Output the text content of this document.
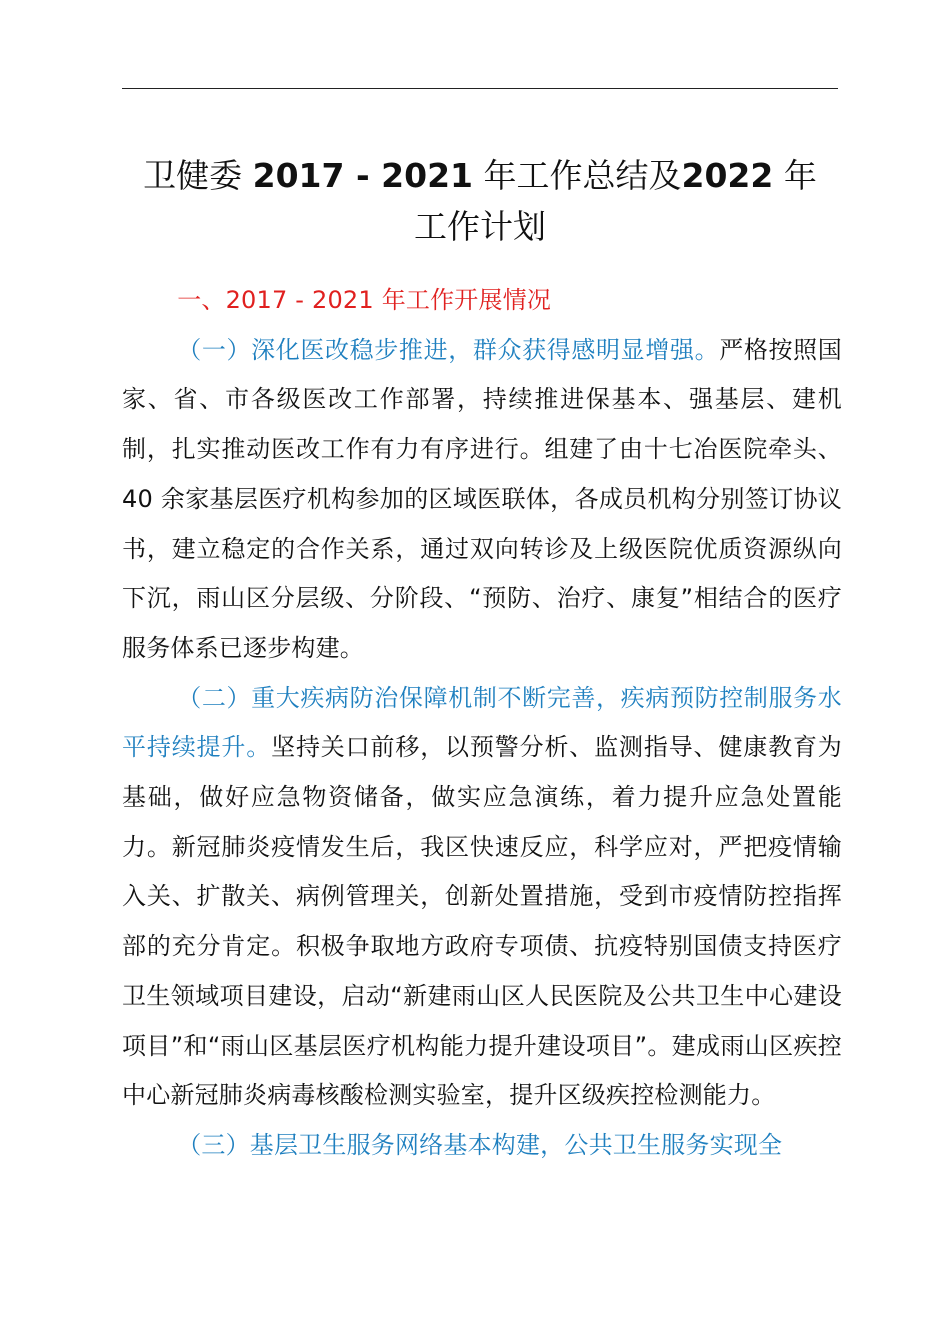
卫健委 2017 - 2021 年工作总结及2022 年
工作计划

一、2017 - 2021 年工作开展情况

（一）深化医改稳步推进，群众获得感明显增强。严格按照国家、省、市各级医改工作部署，持续推进保基本、强基层、建机制，扎实推动医改工作有力有序进行。组建了由十七冶医院牵头、40 余家基层医疗机构参加的区域医联体，各成员机构分别签订协议书，建立稳定的合作关系，通过双向转诊及上级医院优质资源纵向下沉，雨山区分层级、分阶段、“预防、治疗、康复”相结合的医疗服务体系已逐步构建。

（二）重大疾病防治保障机制不断完善，疾病预防控制服务水平持续提升。坚持关口前移，以预警分析、监测指导、健康教育为基础，做好应急物资储备，做实应急演练，着力提升应急处置能力。新冠肺炎疫情发生后，我区快速反应，科学应对，严把疫情输入关、扩散关、病例管理关，创新处置措施，受到市疫情防控指挥部的充分肯定。积极争取地方政府专项债、抗疫特别国债支持医疗卫生领域项目建设，启动“新建雨山区人民医院及公共卫生中心建设项目”和“雨山区基层医疗机构能力提升建设项目”。建成雨山区疾控中心新冠肺炎病毒核酸检测实验室，提升区级疾控检测能力。

（三）基层卫生服务网络基本构建，公共卫生服务实现全
